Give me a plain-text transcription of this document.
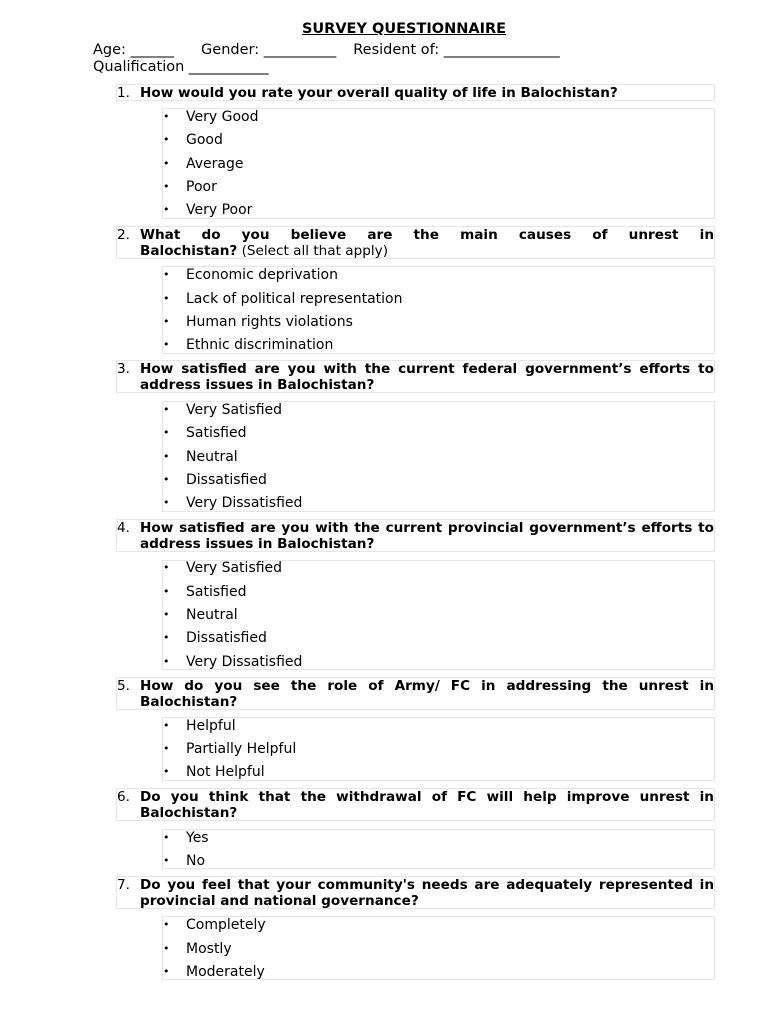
SURVEY QUESTIONNAIRE
Age: ______ Gender: __________ Resident of: ________________
Qualification ___________
1. How would you rate your overall quality of life in Balochistan?
• Very Good
• Good
• Average
• Poor
• Very Poor
2. What do you believe are the main causes of unrest in
Balochistan? (Select all that apply)
• Economic deprivation
• Lack of political representation
• Human rights violations
• Ethnic discrimination
3. How satisfied are you with the current federal government’s efforts to address issues in Balochistan?
• Very Satisfied
• Satisfied
• Neutral
• Dissatisfied
• Very Dissatisfied
4. How satisfied are you with the current provincial government’s efforts to address issues in Balochistan?
• Very Satisfied
• Satisfied
• Neutral
• Dissatisfied
• Very Dissatisfied
5. How do you see the role of Army/ FC in addressing the unrest in Balochistan?
• Helpful
• Partially Helpful
• Not Helpful
6. Do you think that the withdrawal of FC will help improve unrest in Balochistan?
• Yes
• No
7. Do you feel that your community's needs are adequately represented in provincial and national governance?
• Completely
• Mostly
• Moderately
